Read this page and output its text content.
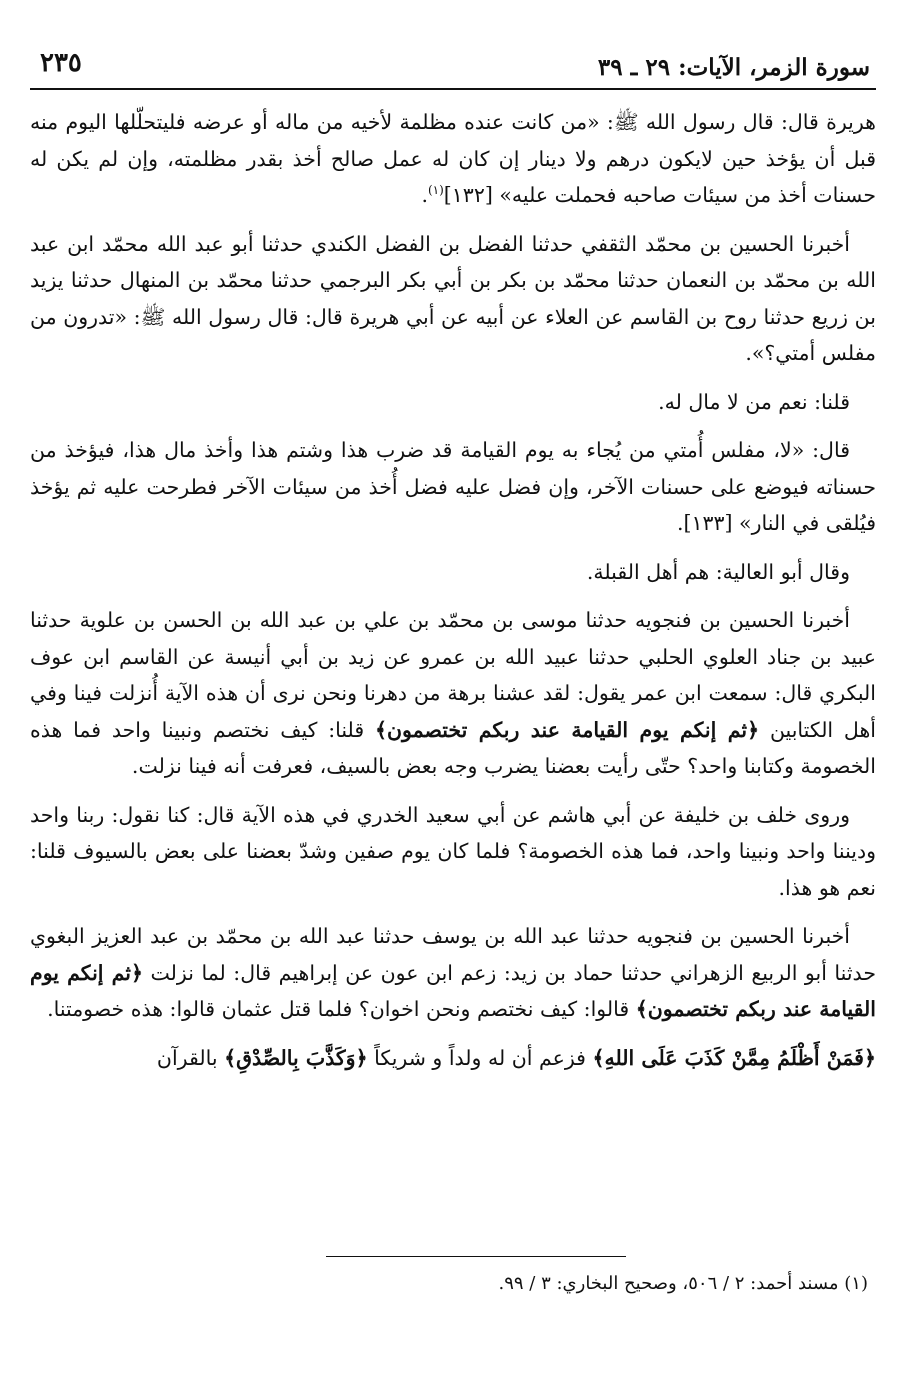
سورة الزمر، الآيات: ٢٩ ـ ٣٩
٢٣٥

هريرة قال: قال رسول الله ﷺ: «من كانت عنده مظلمة لأخيه من ماله أو عرضه فليتحلّلها اليوم منه قبل أن يؤخذ حين لايكون درهم ولا دينار إن كان له عمل صالح أخذ بقدر مظلمته، وإن لم يكن له حسنات أخذ من سيئات صاحبه فحملت عليه» [١٣٢]$^{(١)}$.

أخبرنا الحسين بن محمّد الثقفي حدثنا الفضل بن الفضل الكندي حدثنا أبو عبد الله محمّد ابن عبد الله بن محمّد بن النعمان حدثنا محمّد بن بكر بن أبي بكر البرجمي حدثنا محمّد بن المنهال حدثنا يزيد بن زريع حدثنا روح بن القاسم عن العلاء عن أبيه عن أبي هريرة قال: قال رسول الله ﷺ: «تدرون من مفلس أمتي؟».

قلنا: نعم من لا مال له.

قال: «لا، مفلس أُمتي من يُجاء به يوم القيامة قد ضرب هذا وشتم هذا وأخذ مال هذا، فيؤخذ من حسناته فيوضع على حسنات الآخر، وإن فضل عليه فضل أُخذ من سيئات الآخر فطرحت عليه ثم يؤخذ فيُلقى في النار» [١٣٣].

وقال أبو العالية: هم أهل القبلة.

أخبرنا الحسين بن فنجويه حدثنا موسى بن محمّد بن علي بن عبد الله بن الحسن بن علوية حدثنا عبيد بن جناد العلوي الحلبي حدثنا عبيد الله بن عمرو عن زيد بن أبي أنيسة عن القاسم ابن عوف البكري قال: سمعت ابن عمر يقول: لقد عشنا برهة من دهرنا ونحن نرى أن هذه الآية أُنزلت فينا وفي أهل الكتابين ﴿ثم إنكم يوم القيامة عند ربكم تختصمون﴾ قلنا: كيف نختصم ونبينا واحد فما هذه الخصومة وكتابنا واحد؟ حتّى رأيت بعضنا يضرب وجه بعض بالسيف، فعرفت أنه فينا نزلت.

وروى خلف بن خليفة عن أبي هاشم عن أبي سعيد الخدري في هذه الآية قال: كنا نقول: ربنا واحد وديننا واحد ونبينا واحد، فما هذه الخصومة؟ فلما كان يوم صفين وشدّ بعضنا على بعض بالسيوف قلنا: نعم هو هذا.

أخبرنا الحسين بن فنجويه حدثنا عبد الله بن يوسف حدثنا عبد الله بن محمّد بن عبد العزيز البغوي حدثنا أبو الربيع الزهراني حدثنا حماد بن زيد: زعم ابن عون عن إبراهيم قال: لما نزلت ﴿ثم إنكم يوم القيامة عند ربكم تختصمون﴾ قالوا: كيف نختصم ونحن اخوان؟ فلما قتل عثمان قالوا: هذه خصومتنا.

﴿فَمَنْ أَظْلَمُ مِمَّنْ كَذَبَ عَلَى اللهِ﴾ فزعم أن له ولداً و شريكاً ﴿وَكَذَّبَ بِالصِّدْقِ﴾ بالقرآن

(١) مسند أحمد: ٢ / ٥٠٦، وصحيح البخاري: ٣ / ٩٩.
